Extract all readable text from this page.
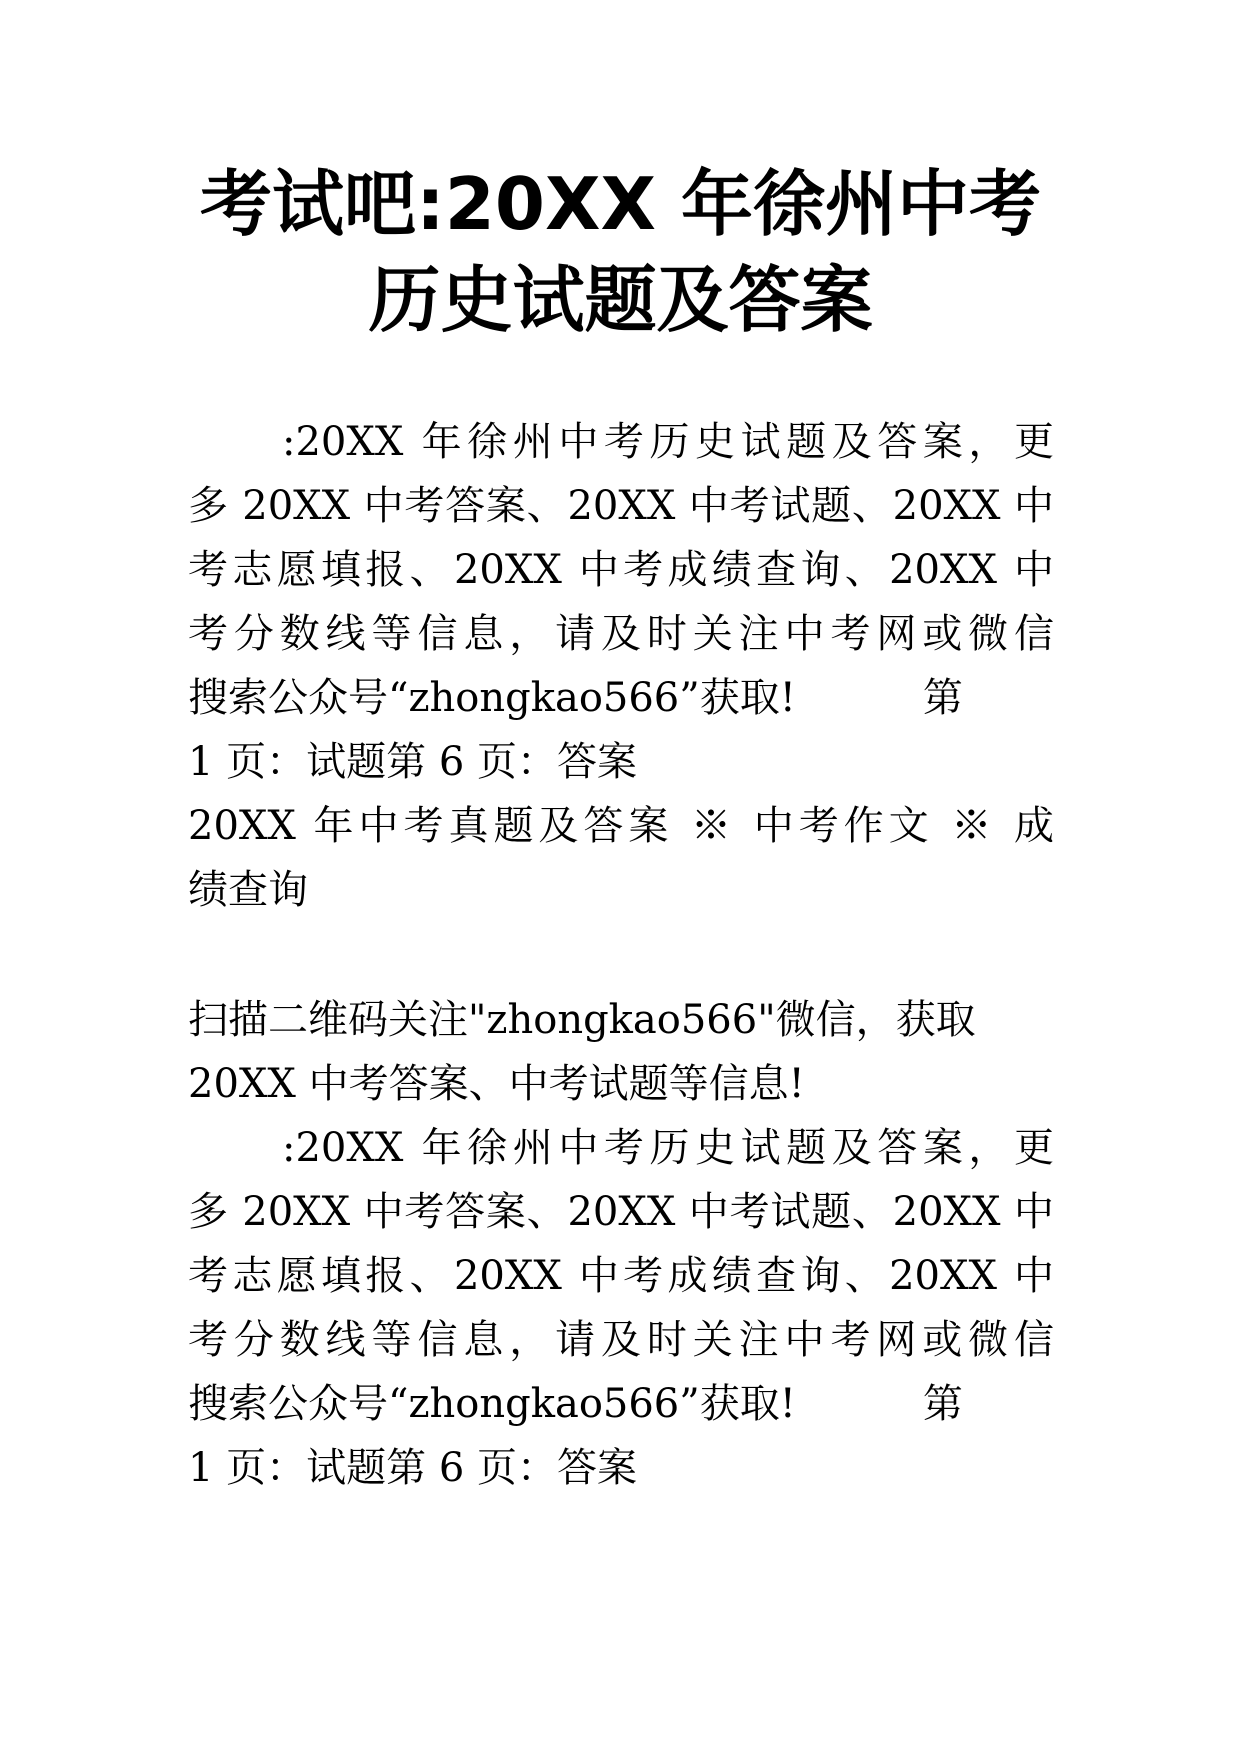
考试吧:20XX 年徐州中考
历史试题及答案
:20XX 年徐州中考历史试题及答案，更
多 20XX 中考答案、20XX 中考试题、20XX 中
考志愿填报、20XX 中考成绩查询、20XX 中
考分数线等信息，请及时关注中考网或微信
搜索公众号“zhongkao566”获取!          第
1 页：试题第 6 页：答案
20XX 年中考真题及答案 ※ 中考作文 ※ 成
绩查询
扫描二维码关注"zhongkao566"微信，获取
20XX 中考答案、中考试题等信息!
:20XX 年徐州中考历史试题及答案，更
多 20XX 中考答案、20XX 中考试题、20XX 中
考志愿填报、20XX 中考成绩查询、20XX 中
考分数线等信息，请及时关注中考网或微信
搜索公众号“zhongkao566”获取!          第
1 页：试题第 6 页：答案
